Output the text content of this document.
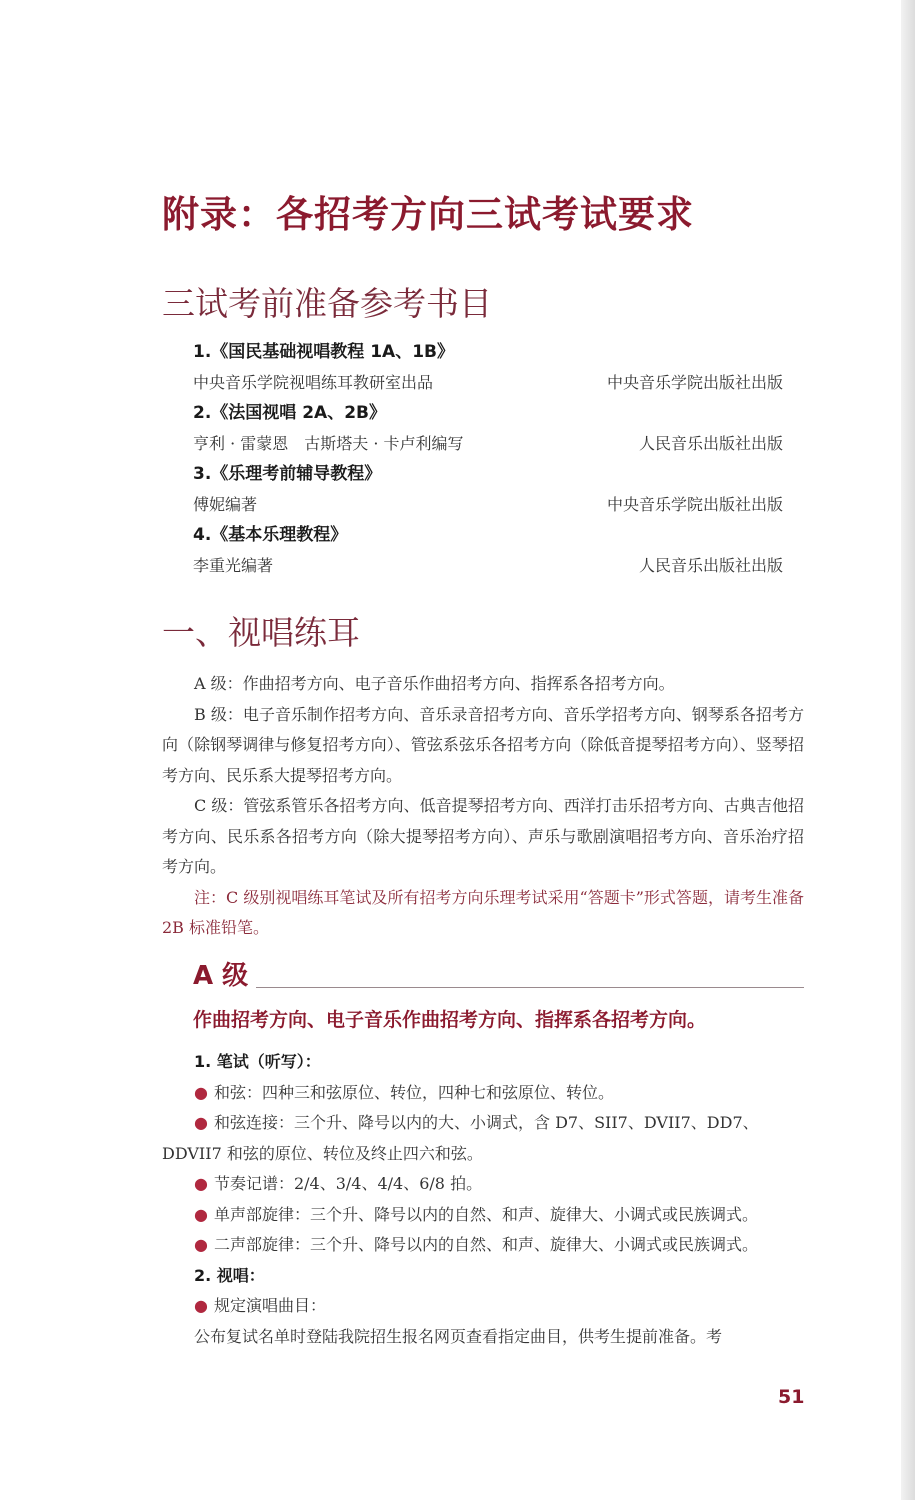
附录：各招考方向三试考试要求
三试考前准备参考书目
1.《国民基础视唱教程 1A、1B》
中央音乐学院视唱练耳教研室出品	中央音乐学院出版社出版
2.《法国视唱 2A、2B》
亨利 · 雷蒙恩　古斯塔夫 · 卡卢利编写	人民音乐出版社出版
3.《乐理考前辅导教程》
傅妮编著	中央音乐学院出版社出版
4.《基本乐理教程》
李重光编著	人民音乐出版社出版
一、视唱练耳

A 级：作曲招考方向、电子音乐作曲招考方向、指挥系各招考方向。

B 级：电子音乐制作招考方向、音乐录音招考方向、音乐学招考方向、钢琴系各招考方向（除钢琴调律与修复招考方向）、管弦系弦乐各招考方向（除低音提琴招考方向）、竖琴招考方向、民乐系大提琴招考方向。

C 级：管弦系管乐各招考方向、低音提琴招考方向、西洋打击乐招考方向、古典吉他招考方向、民乐系各招考方向（除大提琴招考方向）、声乐与歌剧演唱招考方向、音乐治疗招考方向。

注：C 级别视唱练耳笔试及所有招考方向乐理考试采用“答题卡”形式答题，请考生准备 2B 标准铅笔。

A 级
作曲招考方向、电子音乐作曲招考方向、指挥系各招考方向。
1. 笔试（听写）：

● 和弦：四种三和弦原位、转位，四种七和弦原位、转位。

● 和弦连接：三个升、降号以内的大、小调式，含 D7、SII7、DVII7、DD7、

DDVII7 和弦的原位、转位及终止四六和弦。

● 节奏记谱：2/4、3/4、4/4、6/8 拍。

● 单声部旋律：三个升、降号以内的自然、和声、旋律大、小调式或民族调式。

● 二声部旋律：三个升、降号以内的自然、和声、旋律大、小调式或民族调式。

2. 视唱：

● 规定演唱曲目：

公布复试名单时登陆我院招生报名网页查看指定曲目，供考生提前准备。考

51
